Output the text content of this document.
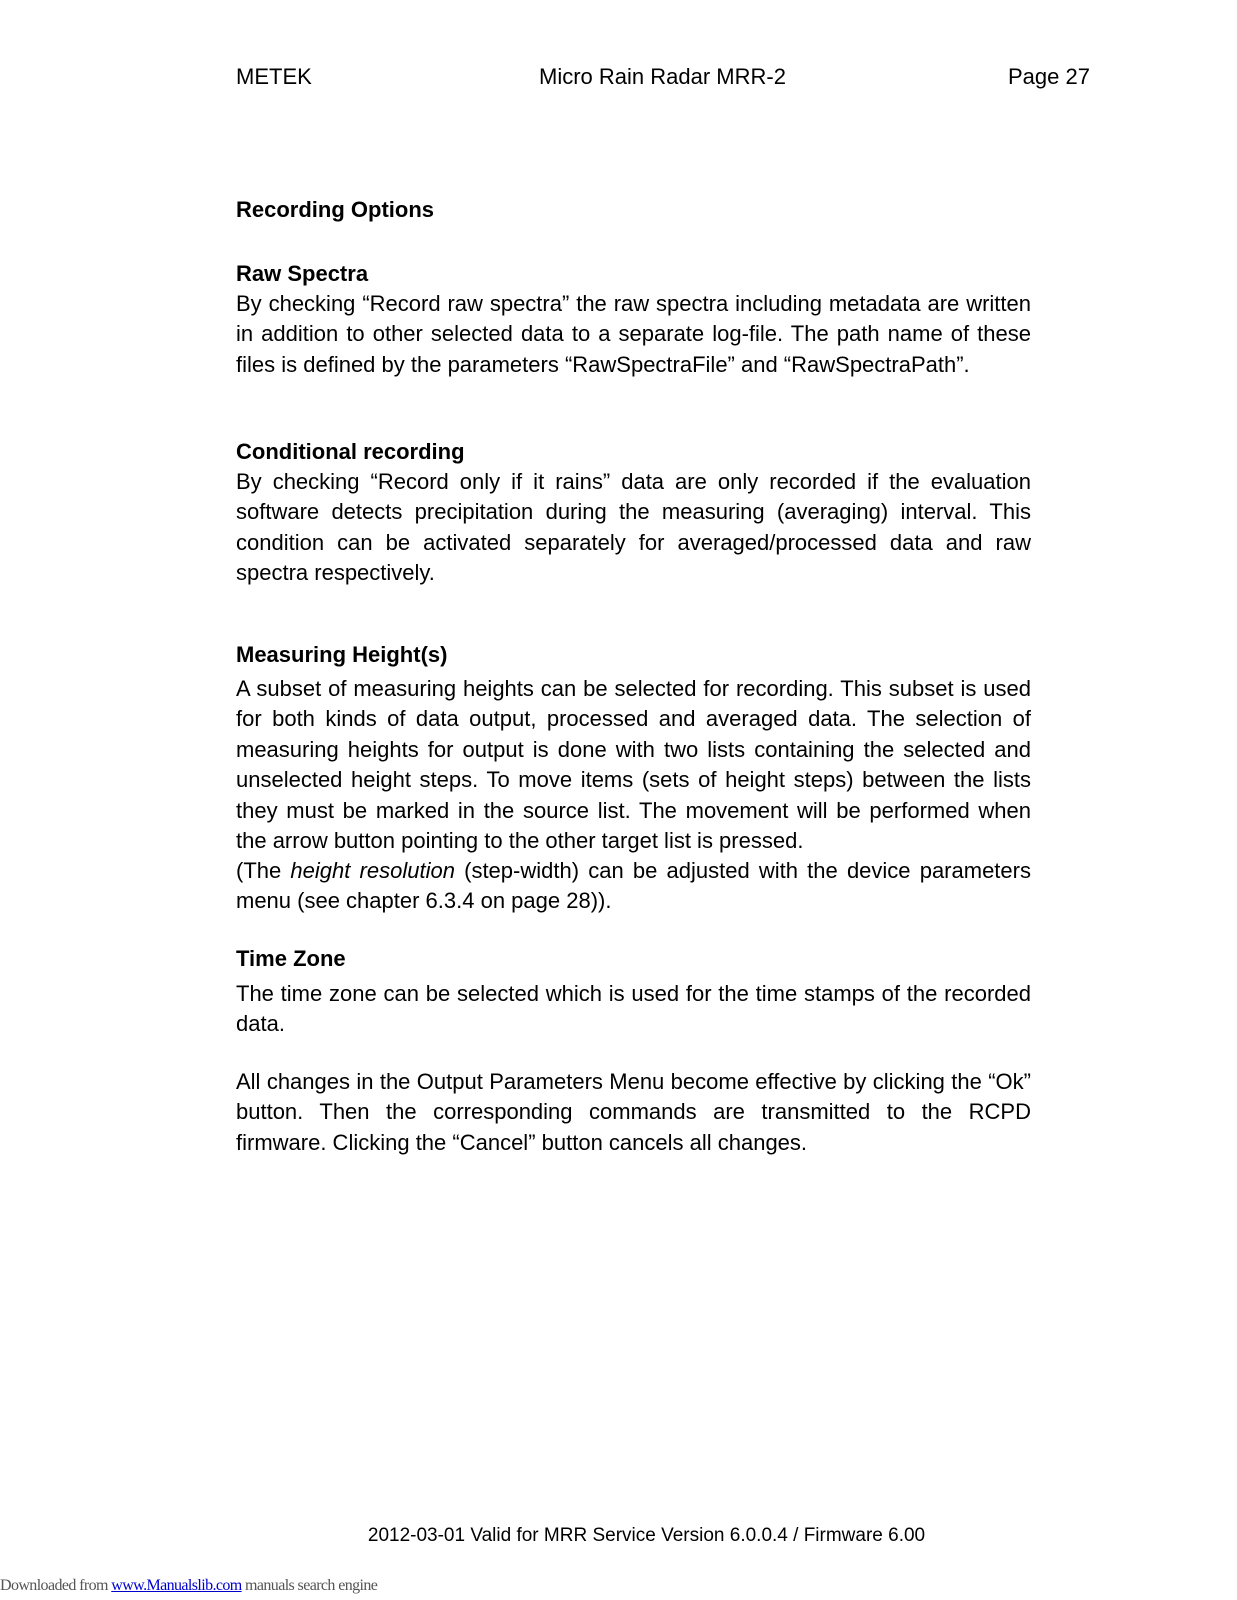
METEK	Micro Rain Radar MRR-2	Page 27
Recording Options
Raw Spectra

By checking “Record raw spectra” the raw spectra including metadata are written in addition to other selected data to a separate log-file. The path name of these files is defined by the parameters “RawSpectraFile” and “RawSpectraPath”.

Conditional recording

By checking “Record only if it rains” data are only recorded if the evaluation software detects precipitation during the measuring (averaging) interval. This condition can be activated separately for averaged/processed data and raw spectra respectively.

Measuring Height(s)

A subset of measuring heights can be selected for recording. This subset is used for both kinds of data output, processed and averaged data. The selection of measuring heights for output is done with two lists containing the selected and unselected height steps. To move items (sets of height steps) between the lists they must be marked in the source list. The movement will be performed when the arrow button pointing to the other target list is pressed.

(The height resolution (step-width) can be adjusted with the device parameters menu (see chapter 6.3.4 on page 28)).

Time Zone

The time zone can be selected which is used for the time stamps of the recorded data.

All changes in the Output Parameters Menu become effective by clicking the “Ok” button. Then the corresponding commands are transmitted to the RCPD firmware. Clicking the “Cancel” button cancels all changes.

2012-03-01 Valid for MRR Service Version 6.0.0.4 / Firmware 6.00
Downloaded from www.Manualslib.com manuals search engine
